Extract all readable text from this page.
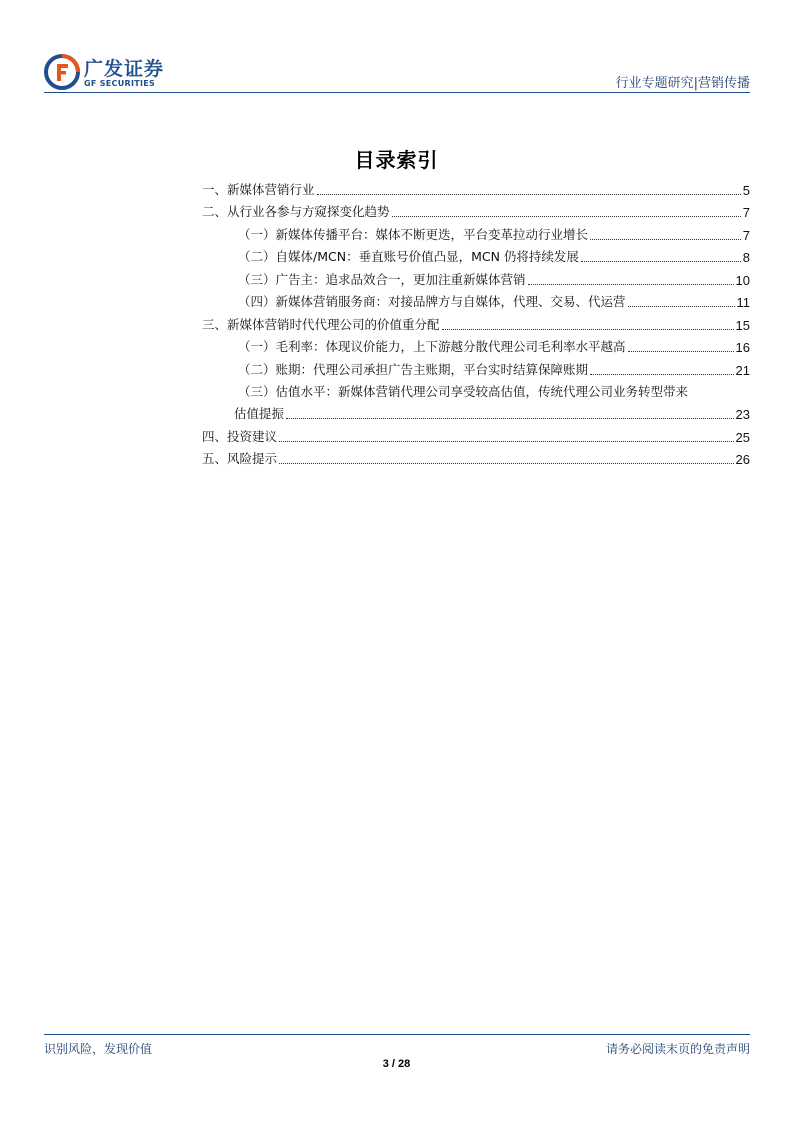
广发证券
GF SECURITIES	行业专题研究|营销传播
目录索引
一、新媒体营销行业	5
二、从行业各参与方窥探变化趋势	7
（一）新媒体传播平台：媒体不断更迭，平台变革拉动行业增长	7
（二）自媒体/MCN：垂直账号价值凸显，MCN 仍将持续发展	8
（三）广告主：追求品效合一，更加注重新媒体营销	10
（四）新媒体营销服务商：对接品牌方与自媒体，代理、交易、代运营	11
三、新媒体营销时代代理公司的价值重分配	15
（一）毛利率：体现议价能力，上下游越分散代理公司毛利率水平越高	16
（二）账期：代理公司承担广告主账期，平台实时结算保障账期	21
（三）估值水平：新媒体营销代理公司享受较高估值，传统代理公司业务转型带来
估值提振	23
四、投资建议	25
五、风险提示	26
识别风险，发现价值	请务必阅读末页的免责声明
3 / 28
